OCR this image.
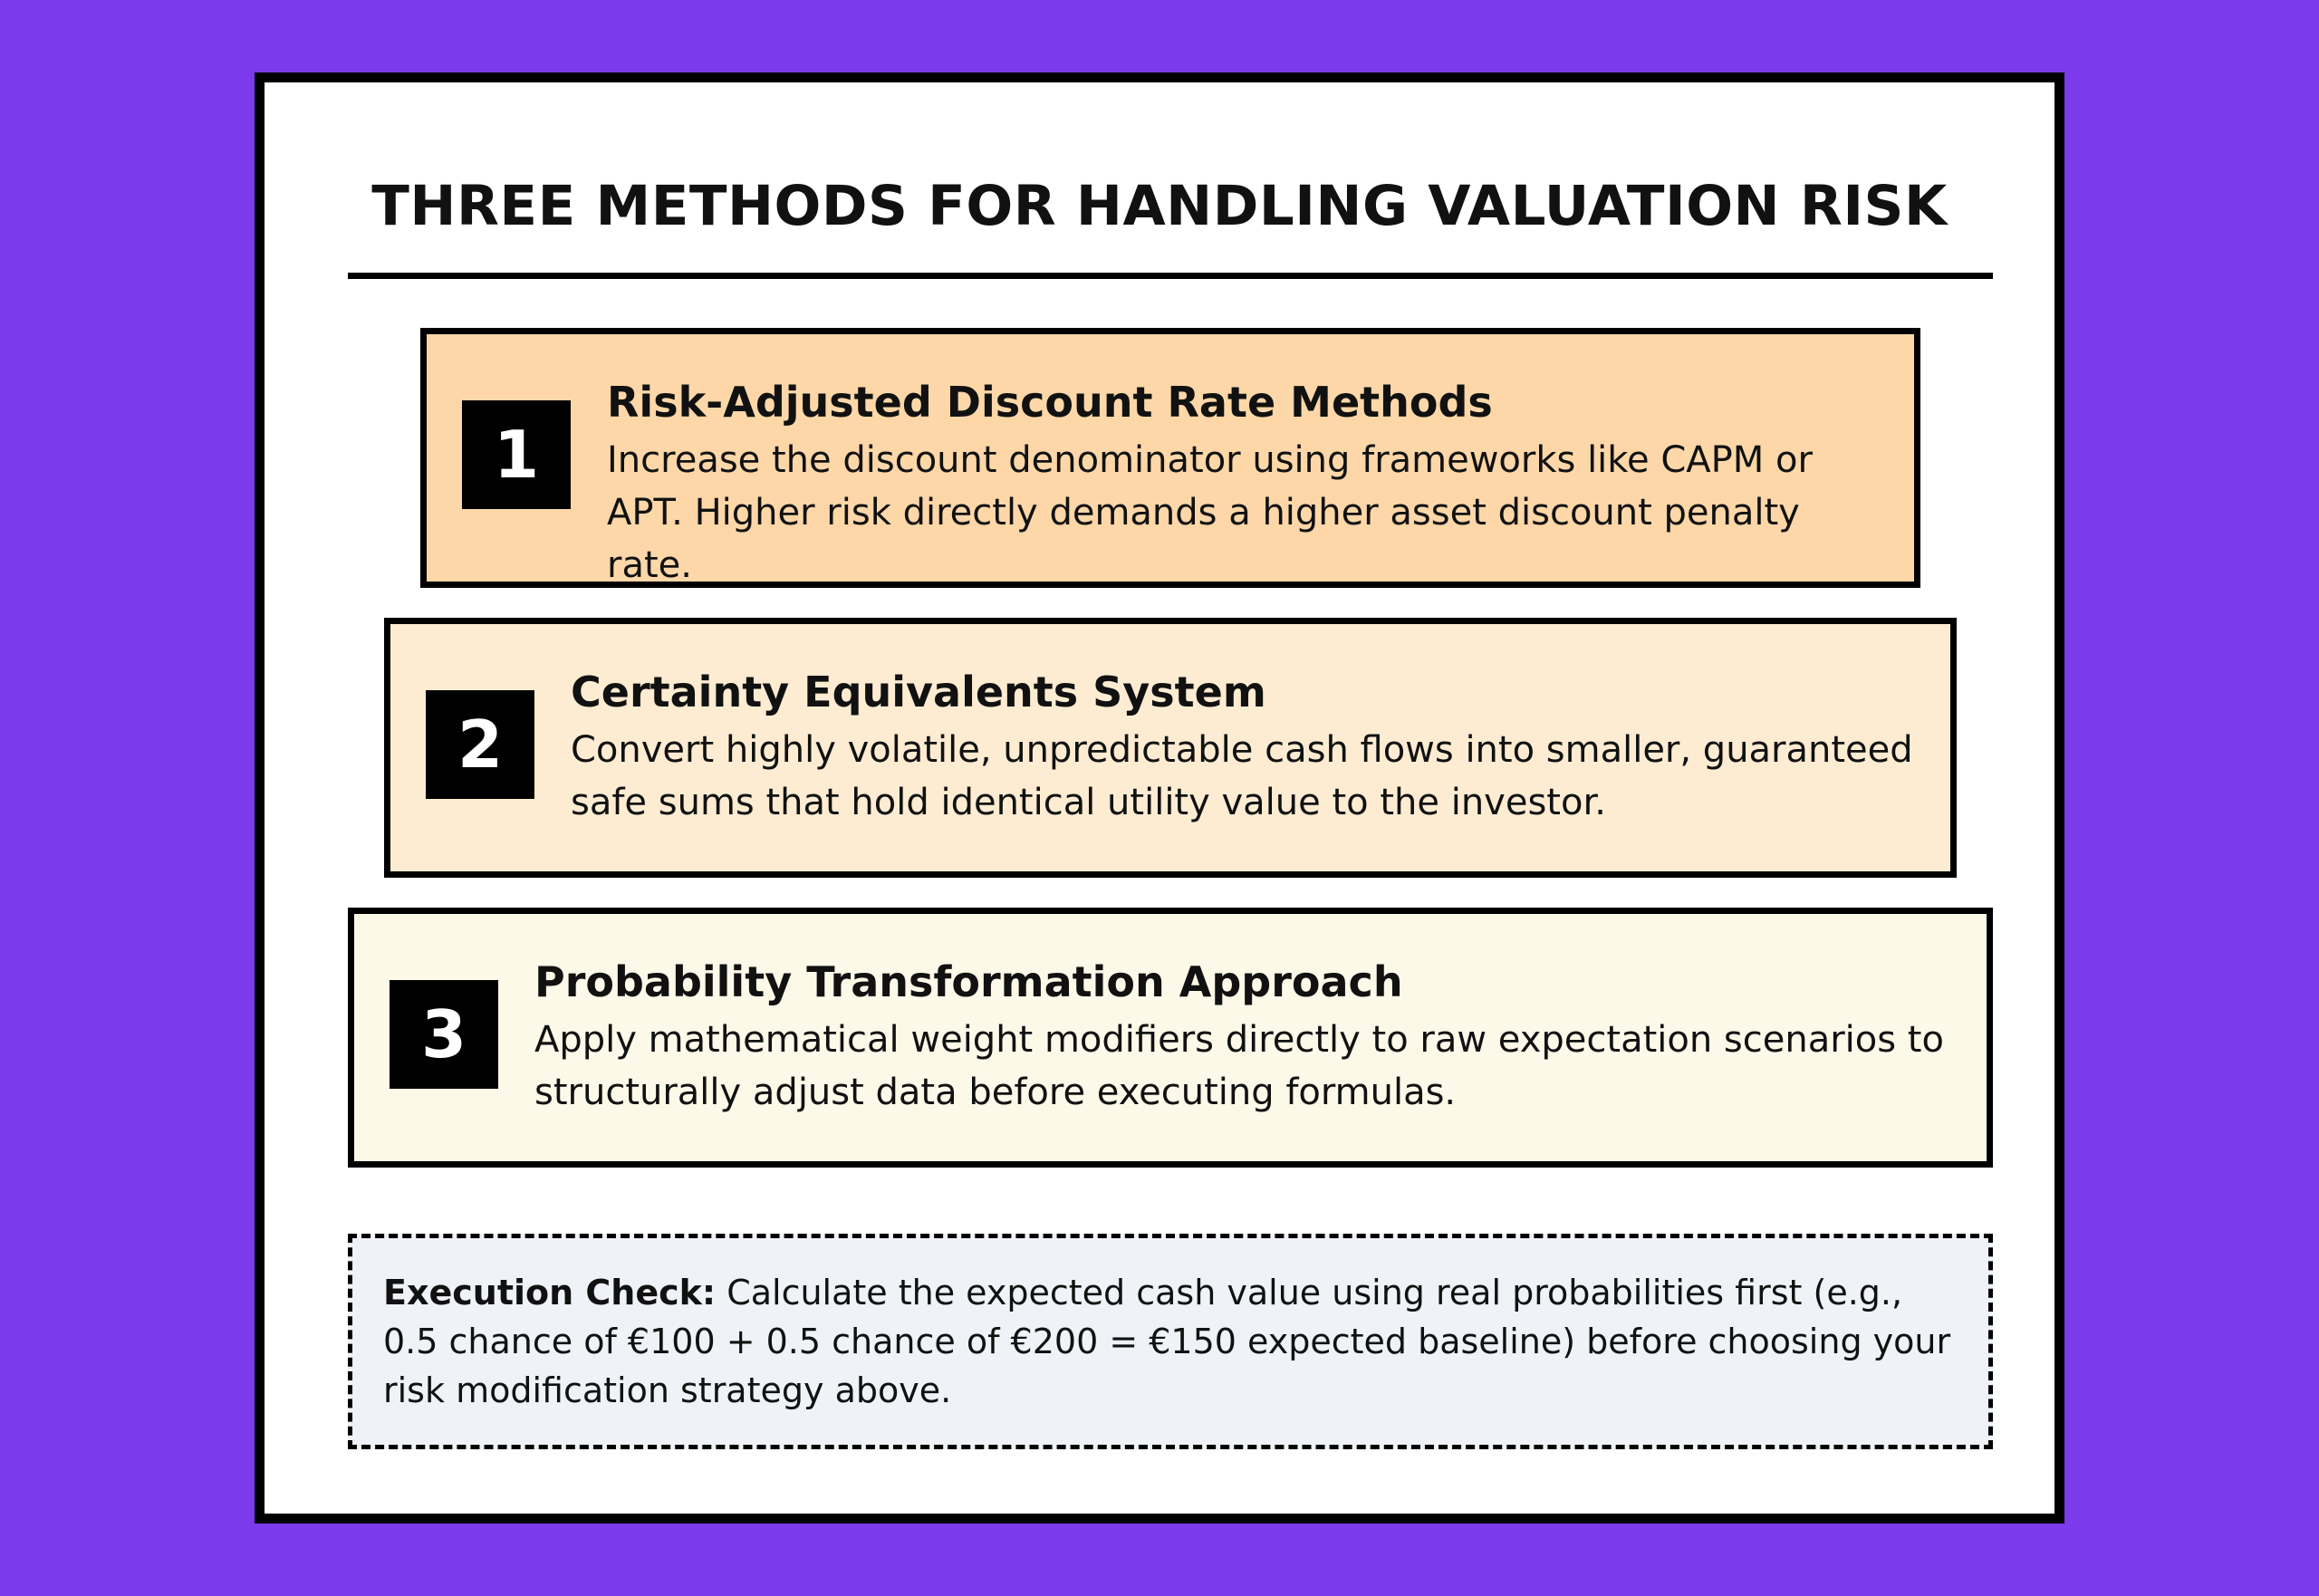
THREE METHODS FOR HANDLING VALUATION RISK
1
Risk-Adjusted Discount Rate Methods
Increase the discount denominator using frameworks like CAPM or APT. Higher risk directly demands a higher asset discount penalty rate.
2
Certainty Equivalents System
Convert highly volatile, unpredictable cash flows into smaller, guaranteed safe sums that hold identical utility value to the investor.
3
Probability Transformation Approach
Apply mathematical weight modifiers directly to raw expectation scenarios to structurally adjust data before executing formulas.
Execution Check: Calculate the expected cash value using real probabilities first (e.g., 0.5 chance of €100 + 0.5 chance of €200 = €150 expected baseline) before choosing your risk modification strategy above.
